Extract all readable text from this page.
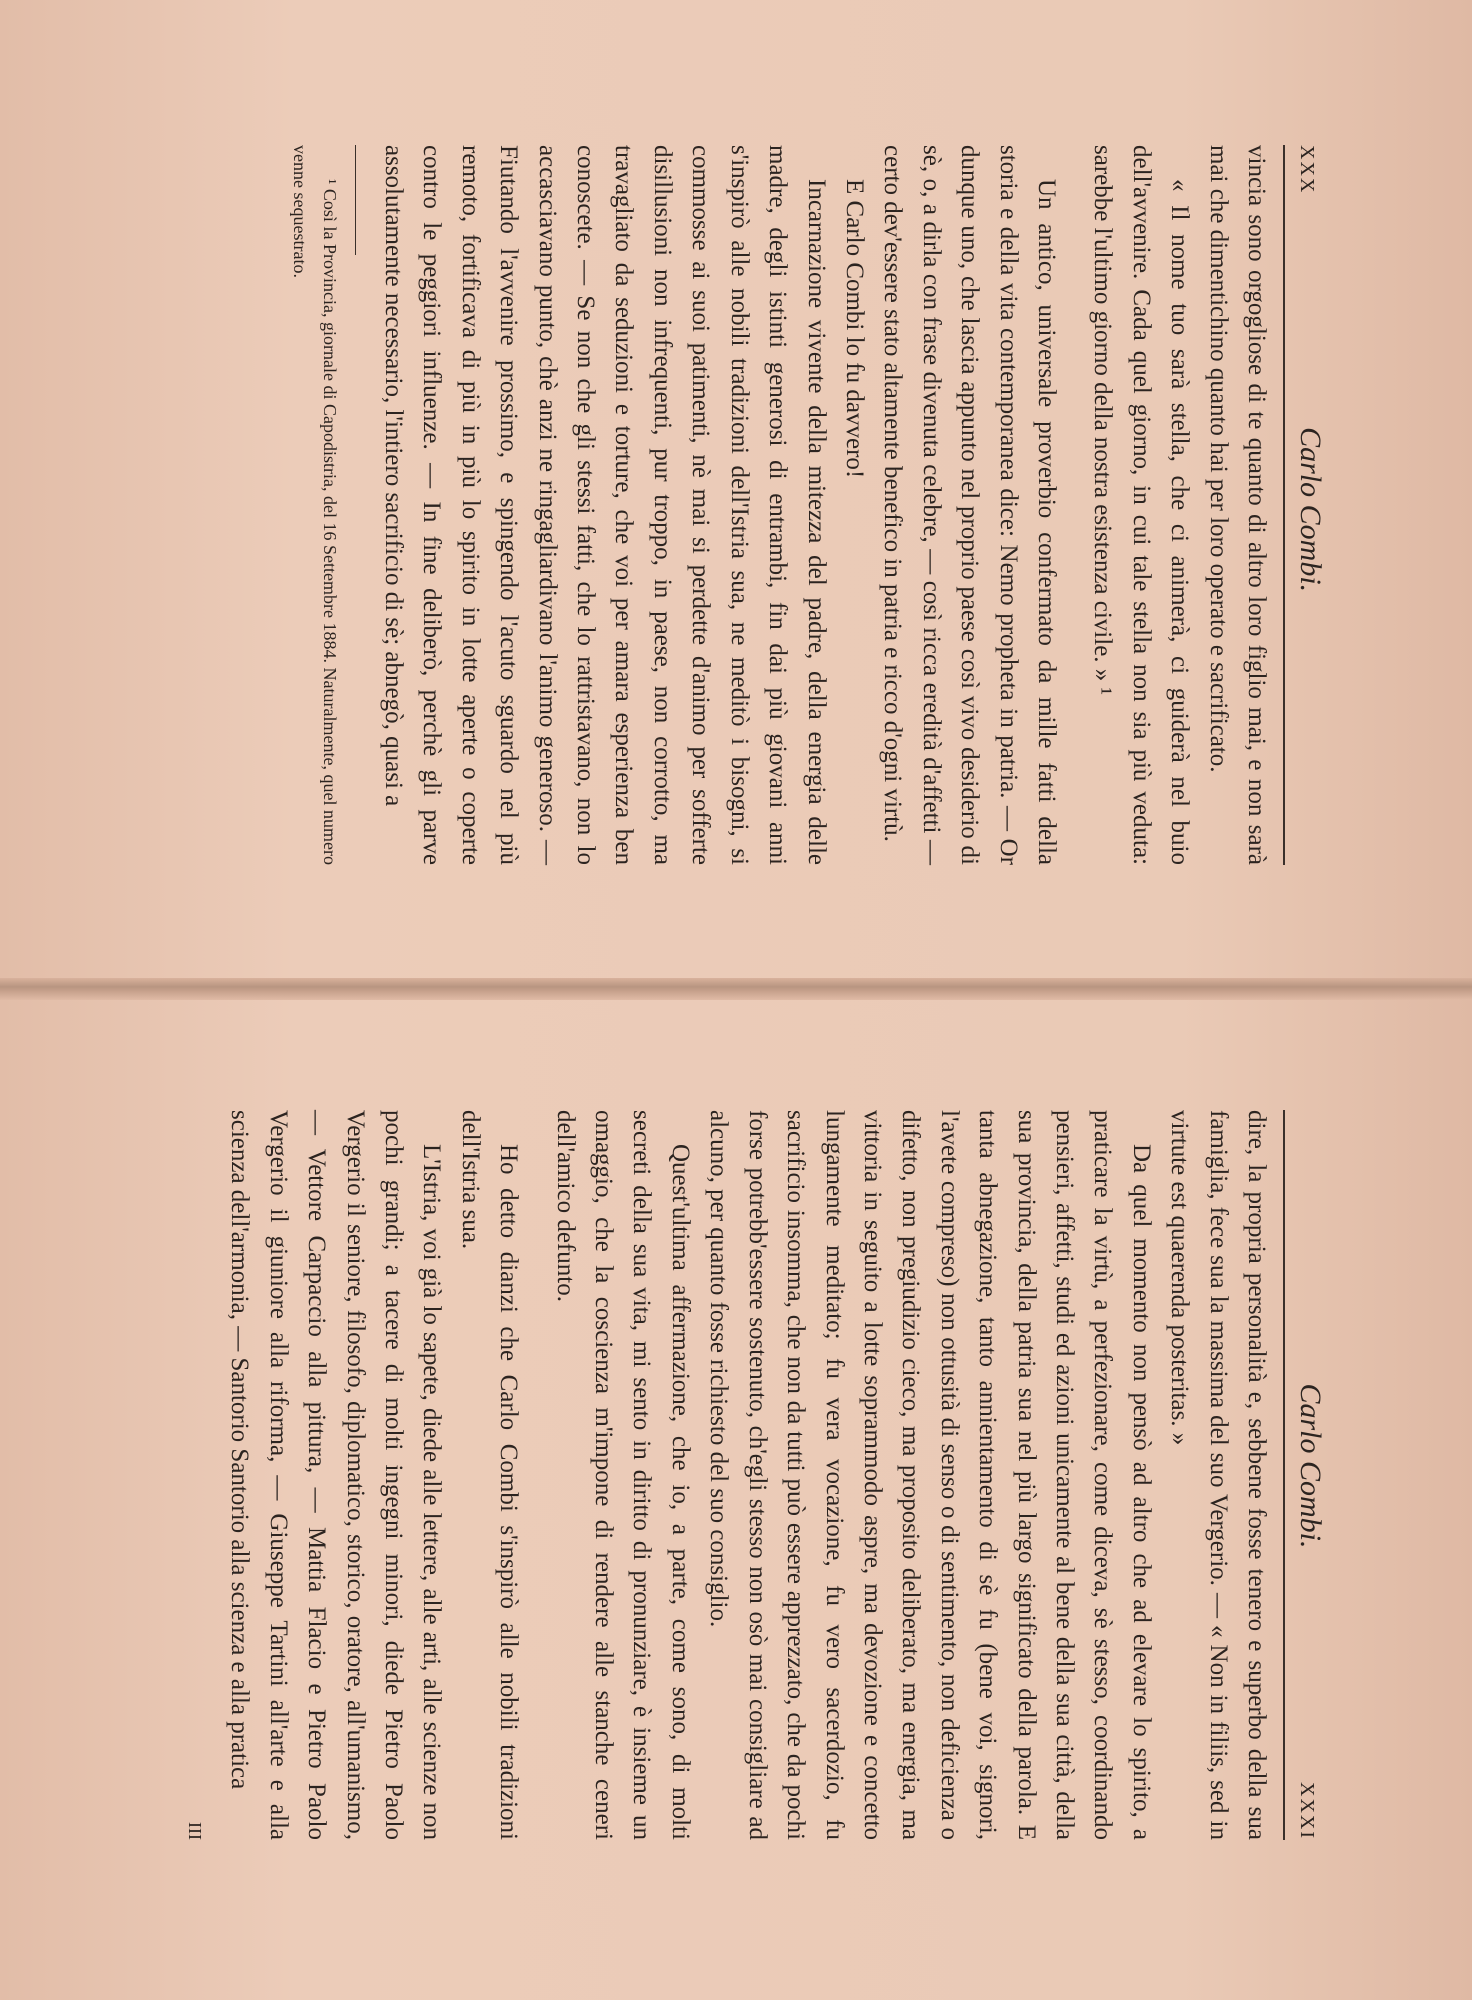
XXX
Carlo Combi.

vincia sono orgogliose di te quanto di altro loro figlio mai, e non sarà mai che dimentichino quanto hai per loro operato e sacrificato.

« Il nome tuo sarà stella, che ci animerà, ci guiderà nel buio dell'avvenire. Cada quel giorno, in cui tale stella non sia più veduta: sarebbe l'ultimo giorno della nostra esistenza civile. » ¹

Un antico, universale proverbio confermato da mille fatti della storia e della vita contemporanea dice: Nemo propheta in patria. — Or dunque uno, che lascia appunto nel proprio paese così vivo desiderio di sè, o, a dirla con frase divenuta celebre, — così ricca eredità d'affetti — certo dev'essere stato altamente benefico in patria e ricco d'ogni virtù.

E Carlo Combi lo fu davvero!

Incarnazione vivente della mitezza del padre, della energia delle madre, degli istinti generosi di entrambi, fin dai più giovani anni s'inspirò alle nobili tradizioni dell'Istria sua, ne meditò i bisogni, si commosse ai suoi patimenti, nè mai si perdette d'animo per sofferte disillusioni non infrequenti, pur troppo, in paese, non corrotto, ma travagliato da seduzioni e torture, che voi per amara esperienza ben conoscete. — Se non che gli stessi fatti, che lo rattristavano, non lo accasciavano punto, chè anzi ne ringagliardivano l'animo generoso. — Fiutando l'avvenire prossimo, e spingendo l'acuto sguardo nel più remoto, fortificava di più in più lo spirito in lotte aperte o coperte contro le peggiori influenze. — In fine deliberò, perchè gli parve assolutamente necessario, l'intiero sacrificio di sè; abnegò, quasi a

¹ Così la Provincia, giornale di Capodistria, del 16 Settembre 1884. Naturalmente, quel numero venne sequestrato.

Carlo Combi.
XXXI

dire, la propria personalità e, sebbene fosse tenero e superbo della sua famiglia, fece sua la massima del suo Vergerio. — « Non in filiis, sed in virtute est quaerenda posteritas. »

Da quel momento non pensò ad altro che ad elevare lo spirito, a praticare la virtù, a perfezionare, come diceva, sè stesso, coordinando pensieri, affetti, studi ed azioni unicamente al bene della sua città, della sua provincia, della patria sua nel più largo significato della parola. E tanta abnegazione, tanto annientamento di sè fu (bene voi, signori, l'avete compreso) non ottusità di senso o di sentimento, non deficienza o difetto, non pregiudizio cieco, ma proposito deliberato, ma energia, ma vittoria in seguito a lotte soprammodo aspre, ma devozione e concetto lungamente meditato; fu vera vocazione, fu vero sacerdozio, fu sacrificio insomma, che non da tutti può essere apprezzato, che da pochi forse potrebb'essere sostenuto, ch'egli stesso non osò mai consigliare ad alcuno, per quanto fosse richiesto del suo consiglio.

Quest'ultima affermazione, che io, a parte, come sono, di molti secreti della sua vita, mi sento in diritto di pronunziare, è insieme un omaggio, che la coscienza m'impone di rendere alle stanche ceneri dell'amico defunto.

Ho detto dianzi che Carlo Combi s'inspirò alle nobili tradizioni dell'Istria sua.

L'Istria, voi già lo sapete, diede alle lettere, alle arti, alle scienze non pochi grandi; a tacere di molti ingegni minori, diede Pietro Paolo Vergerio il seniore, filosofo, diplomatico, storico, oratore, all'umanismo, — Vettore Carpaccio alla pittura, — Mattia Flacio e Pietro Paolo Vergerio il giuniore alla riforma, — Giuseppe Tartini all'arte e alla scienza dell'armonia, — Santorio Santorio alla scienza e alla pratica

III
